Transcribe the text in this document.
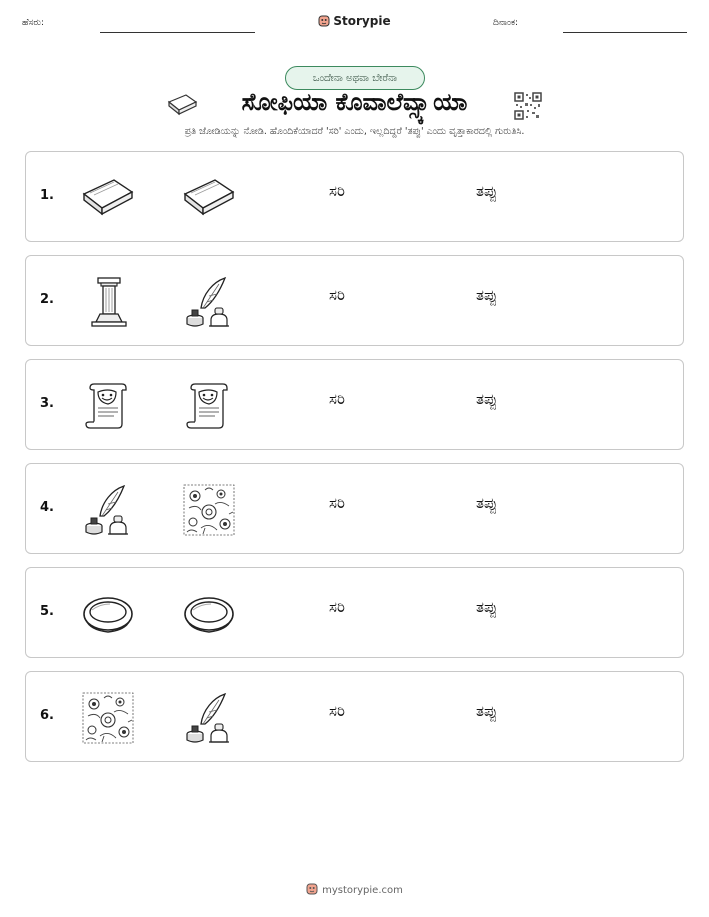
ಹೆಸರು:	Storypie	ದಿನಾಂಕ:
ಒಂದೇನಾ ಅಥವಾ ಬೇರೆನಾ
ಸೋಫಿಯಾ ಕೊವಾಲೆವ್ಸ್ಕಾಯಾ
ಪ್ರತಿ ಜೋಡಿಯನ್ನು ನೋಡಿ. ಹೊಂದಿಕೆಯಾದರೆ 'ಸರಿ' ಎಂದು, ಇಲ್ಲದಿದ್ದರೆ 'ತಪ್ಪು' ಎಂದು ವೃತ್ತಾಕಾರದಲ್ಲಿ ಗುರುತಿಸಿ.
1.	ಸರಿ	ತಪ್ಪು
2.	ಸರಿ	ತಪ್ಪು
3.	ಸರಿ	ತಪ್ಪು
4.	ಸರಿ	ತಪ್ಪು
5.	ಸರಿ	ತಪ್ಪು
6.	ಸರಿ	ತಪ್ಪು
mystorypie.com
